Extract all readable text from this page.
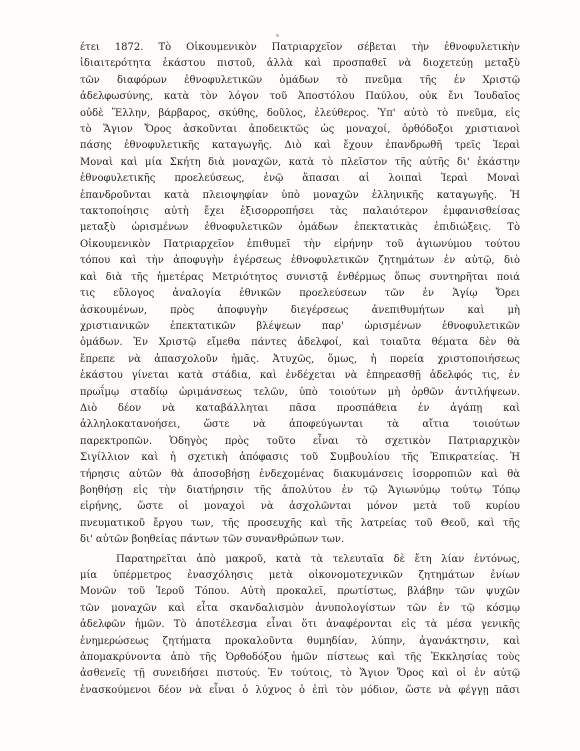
έτει 1872. Τὸ Οἰκουμενικὸν Πατριαρχεῖον σέβεται τὴν ἐθνοφυλετικὴν
ἰδιαιτερότητα ἑκάστου πιστοῦ, ἀλλὰ καὶ προσπαθεῖ νὰ διοχετεύῃ μεταξὺ
τῶν διαφόρων ἐθνοφυλετικῶν ὁμάδων τὸ πνεῦμα τῆς ἐν Χριστῷ
ἀδελφωσύνης, κατὰ τὸν λόγον τοῦ Ἀποστόλου Παύλου, οὐκ ἔνι Ἰουδαῖος
οὐδὲ Ἕλλην, βάρβαρος, σκύθης, δοῦλος, ἐλεύθερος. Ὑπ' αὐτὸ τὸ πνεῦμα, εἰς
τὸ Ἅγιον Ὄρος ἀσκοῦνται ἀποδεικτῶς ὡς μοναχοί, ὀρθόδοξοι χριστιανοὶ
πάσης ἐθνοφυλετικῆς καταγωγῆς. Διὸ καὶ ἔχουν ἐπανδρωθῆ τρεῖς Ἱεραὶ
Μοναὶ καὶ μία Σκήτη διὰ μοναχῶν, κατὰ τὸ πλεῖστον τῆς αὐτῆς δι' ἑκάστην
ἐθνοφυλετικῆς προελεύσεως, ἐνῷ ἅπασαι αἱ λοιπαὶ Ἱεραὶ Μοναὶ
ἐπανδροῦνται κατὰ πλειοψηφίαν ὑπὸ μοναχῶν ἑλληνικῆς καταγωγῆς. Ἡ
τακτοποίησις αὐτὴ ἔχει ἐξισορροπήσει τὰς παλαιότερον ἐμφανισθείσας
μεταξὺ ὡρισμένων ἐθνοφυλετικῶν ὁμάδων ἐπεκτατικὰς ἐπιδιώξεις. Τὸ
Οἰκουμενικὸν Πατριαρχεῖον ἐπιθυμεῖ τὴν εἰρήνην τοῦ ἁγιωνύμου τούτου
τόπου καὶ τὴν ἀποφυγὴν ἐγέρσεως ἐθνοφυλετικῶν ζητημάτων ἐν αὐτῷ, διὸ
καὶ διὰ τῆς ἡμετέρας Μετριότητος συνιστᾷ ἐνθέρμως ὅπως συντηρῆται ποιά
τις εὔλογος ἀναλογία ἐθνικῶν προελεύσεων τῶν ἐν Ἁγίῳ Ὄρει
ἀσκουμένων, πρὸς ἀποφυγὴν διεγέρσεως ἀνεπιθυμήτων καὶ μὴ
χριστιανικῶν ἐπεκτατικῶν βλέψεων παρ' ὡρισμένων ἐθνοφυλετικῶν
ὁμάδων. Ἐν Χριστῷ εἴμεθα πάντες ἀδελφοί, καὶ τοιαῦτα θέματα δὲν θὰ
ἔπρεπε νὰ ἀπασχολοῦν ἡμᾶς. Ἀτυχῶς, ὅμως, ἡ πορεία χριστοποιήσεως
ἑκάστου γίνεται κατὰ στάδια, καὶ ἐνδέχεται νὰ ἐπηρεασθῇ ἀδελφός τις, ἐν
πρωΐμῳ σταδίῳ ὡριμάνσεως τελῶν, ὑπὸ τοιούτων μὴ ὀρθῶν ἀντιλήψεων.
Διὸ δέον νὰ καταβάλληται πᾶσα προσπάθεια ἐν ἀγάπῃ καὶ
ἀλληλοκατανοήσει, ὥστε νὰ ἀποφεύγωνται τὰ αἴτια τοιούτων
παρεκτροπῶν. Ὁδηγὸς πρὸς τοῦτο εἶναι τὸ σχετικὸν Πατριαρχικὸν
Σιγίλλιον καὶ ἡ σχετικὴ ἀπόφασις τοῦ Συμβουλίου τῆς Ἐπικρατείας. Ἡ
τήρησις αὐτῶν θὰ ἀποσοβήσῃ ἐνδεχομένας διακυμάνσεις ἰσορροπιῶν καὶ θὰ
βοηθήσῃ εἰς τὴν διατήρησιν τῆς ἀπολύτου ἐν τῷ Ἁγιωνύμῳ τούτῳ Τόπῳ
εἰρήνης, ὥστε οἱ μοναχοὶ νὰ ἀσχολῶνται μόνον μετὰ τοῦ κυρίου
πνευματικοῦ ἔργου των, τῆς προσευχῆς καὶ τῆς λατρείας τοῦ Θεοῦ, καὶ τῆς
δι' αὐτῶν βοηθείας πάντων τῶν συνανθρώπων των.
Παρατηρεῖται ἀπὸ μακροῦ, κατὰ τὰ τελευταῖα δὲ ἔτη λίαν ἐντόνως,
μία ὑπέρμετρος ἐνασχόλησις μετὰ οἰκονομοτεχνικῶν ζητημάτων ἐνίων
Μονῶν τοῦ Ἱεροῦ Τόπου. Αὐτὴ προκαλεῖ, πρωτίστως, βλάβην τῶν ψυχῶν
τῶν μοναχῶν καὶ εἶτα σκανδαλισμὸν ἀνυπολογίστων τῶν ἐν τῷ κόσμῳ
ἀδελφῶν ἡμῶν. Τὸ ἀποτέλεσμα εἶναι ὅτι ἀναφέρονται εἰς τὰ μέσα γενικῆς
ἐνημερώσεως ζητήματα προκαλοῦντα θυμηδίαν, λύπην, ἀγανάκτησιν, καὶ
ἀπομακρύνοντα ἀπὸ τῆς Ὀρθοδόξου ἡμῶν πίστεως καὶ τῆς Ἐκκλησίας τοὺς
ἀσθενεῖς τῇ συνειδήσει πιστούς. Ἐν τούτοις, τὸ Ἅγιον Ὄρος καὶ οἱ ἐν αὐτῷ
ἐνασκούμενοι δέον νὰ εἶναι ὁ λύχνος ὁ ἐπὶ τὸν μόδιον, ὥστε νὰ φέγγῃ πᾶσι
